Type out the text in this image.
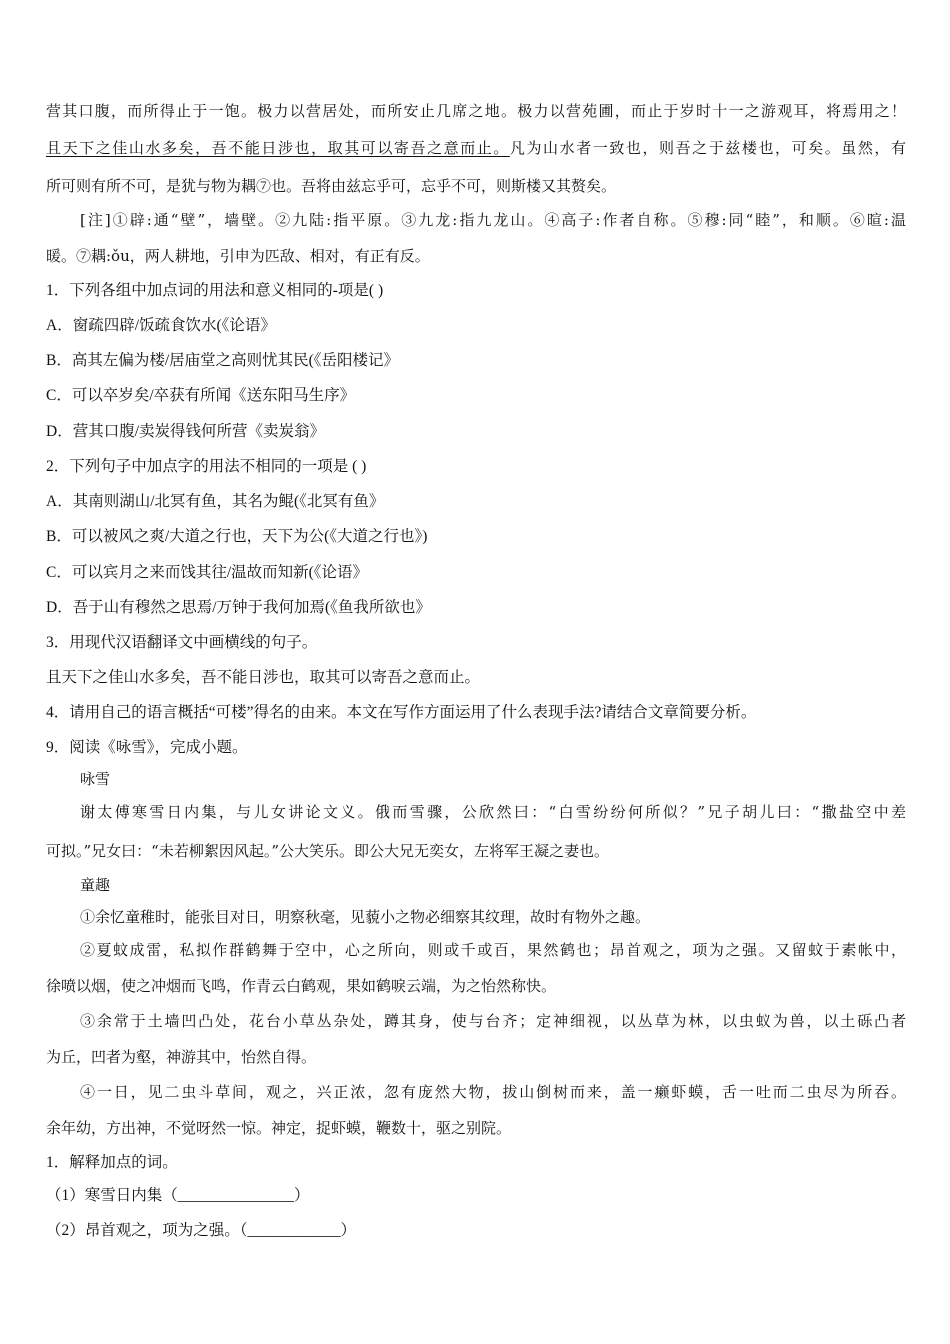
营其口腹，而所得止于一饱。极力以营居处，而所安止几席之地。极力以营苑圃，而止于岁时十一之游观耳，将焉用之！
且天下之佳山水多矣，吾不能日涉也，取其可以寄吾之意而止。凡为山水者一致也，则吾之于兹楼也，可矣。虽然，有
所可则有所不可，是犹与物为耦⑦也。吾将由兹忘乎可，忘乎不可，则斯楼又其赘矣。
[注]①辟:通“壁”，墙壁。②九陆:指平原。③九龙:指九龙山。④高子:作者自称。⑤穆:同“睦”，和顺。⑥暄:温
暖。⑦耦:ǒu，两人耕地，引申为匹敌、相对，有正有反。
1．下列各组中加点词的用法和意义相同的-项是( )
A．窗疏四辟/饭疏食饮水(《论语》
B．高其左偏为楼/居庙堂之高则忧其民(《岳阳楼记》
C．可以卒岁矣/卒获有所闻《送东阳马生序》
D．营其口腹/卖炭得钱何所营《卖炭翁》
2．下列句子中加点字的用法不相同的一项是 ( )
A．其南则湖山/北冥有鱼，其名为鲲(《北冥有鱼》
B．可以被风之爽/大道之行也，天下为公(《大道之行也》)
C．可以宾月之来而饯其往/温故而知新(《论语》
D．吾于山有穆然之思焉/万钟于我何加焉(《鱼我所欲也》
3．用现代汉语翻译文中画横线的句子。
且天下之佳山水多矣，吾不能日涉也，取其可以寄吾之意而止。
4．请用自己的语言概括“可楼”得名的由来。本文在写作方面运用了什么表现手法?请结合文章简要分析。
9．阅读《咏雪》，完成小题。
咏雪
谢太傅寒雪日内集，与儿女讲论文义。俄而雪骤，公欣然曰：“白雪纷纷何所似？”兄子胡儿曰：“撒盐空中差
可拟。”兄女曰：“未若柳絮因风起。”公大笑乐。即公大兄无奕女，左将军王凝之妻也。
童趣
①余忆童稚时，能张目对日，明察秋毫，见藐小之物必细察其纹理，故时有物外之趣。
②夏蚊成雷，私拟作群鹤舞于空中，心之所向，则或千或百，果然鹤也；昂首观之，项为之强。又留蚊于素帐中，
徐喷以烟，使之冲烟而飞鸣，作青云白鹤观，果如鹤唳云端，为之怡然称快。
③余常于土墙凹凸处，花台小草丛杂处，蹲其身，使与台齐；定神细视，以丛草为林，以虫蚁为兽，以土砾凸者
为丘，凹者为壑，神游其中，怡然自得。
④一日，见二虫斗草间，观之，兴正浓，忽有庞然大物，拔山倒树而来，盖一癞虾蟆，舌一吐而二虫尽为所吞。
余年幼，方出神，不觉呀然一惊。神定，捉虾蟆，鞭数十，驱之别院。
1．解释加点的词。
（1）寒雪日内集（_______________）
（2）昂首观之，项为之强。（____________）
